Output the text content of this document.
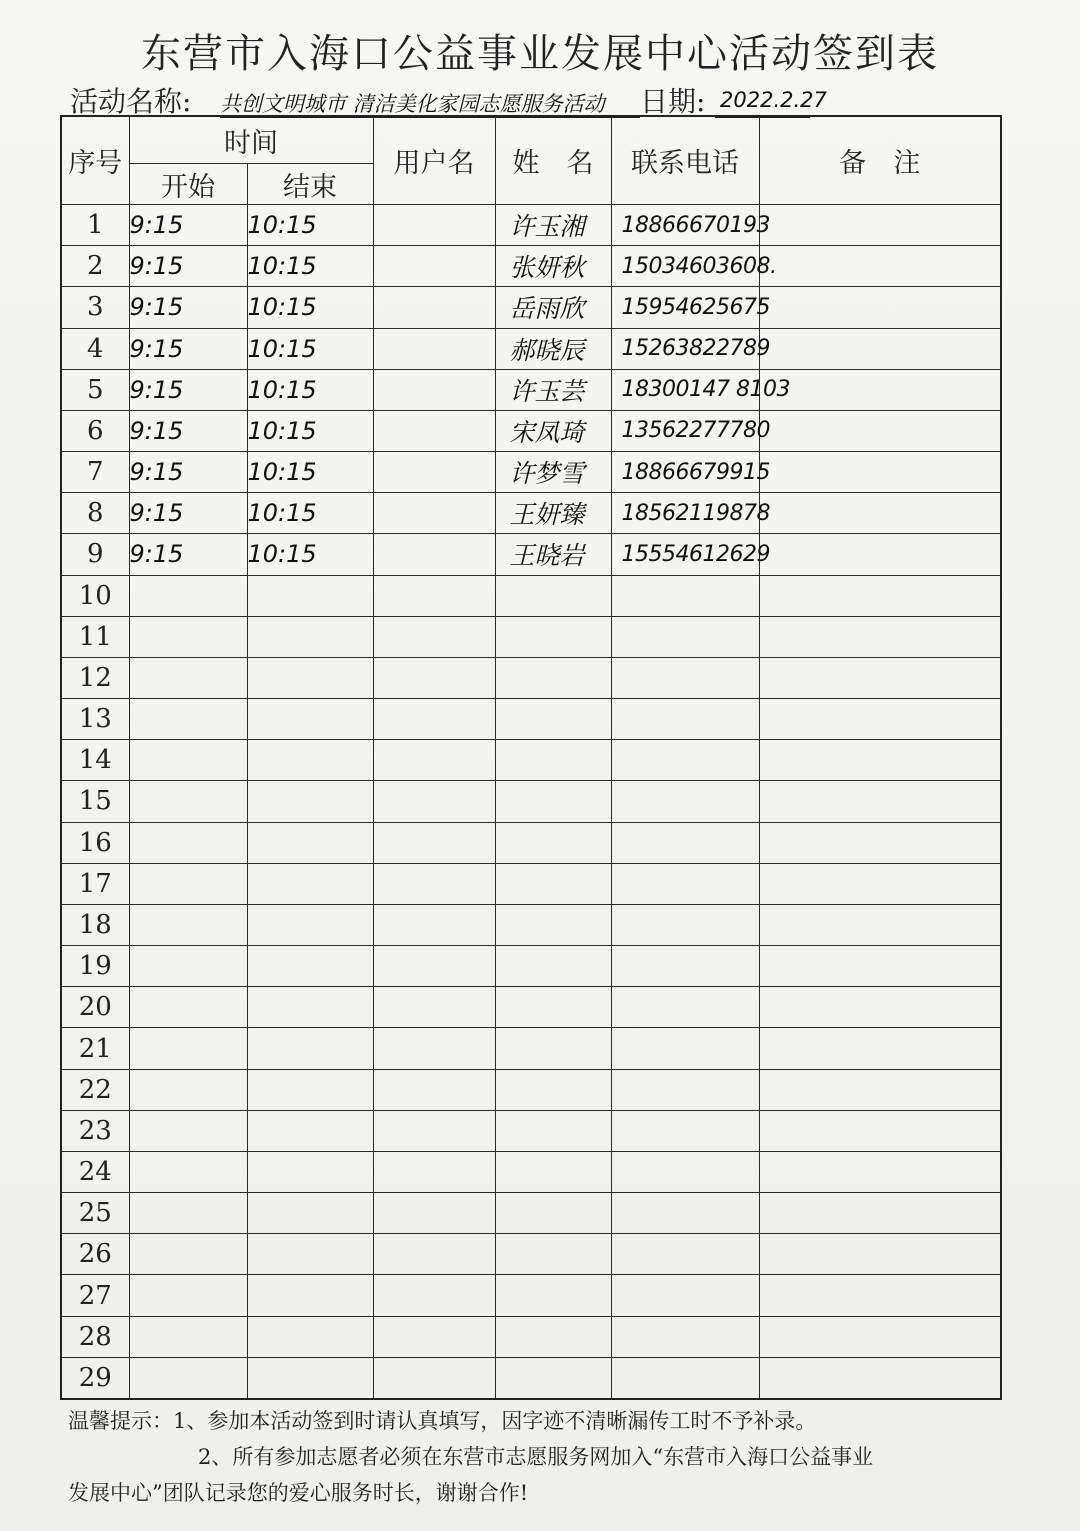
东营市入海口公益事业发展中心活动签到表
活动名称: 共创文明城市 清洁美化家园志愿服务活动 日期: 2022.2.27
序号	时间		用户名	姓　名	联系电话	备　注
	开始	结束				
1	9:15	10:15		许玉湘	18866670193	
2	9:15	10:15		张妍秋	15034603608.	
3	9:15	10:15		岳雨欣	15954625675	
4	9:15	10:15		郝晓辰	15263822789	
5	9:15	10:15		许玉芸	18300147 8103	
6	9:15	10:15		宋凤琦	13562277780	
7	9:15	10:15		许梦雪	18866679915	
8	9:15	10:15		王妍臻	18562119878	
9	9:15	10:15		王晓岩	15554612629	
10						
11						
12						
13						
14						
15						
16						
17						
18						
19						
20						
21						
22						
23						
24						
25						
26						
27						
28						
29						
温馨提示：1、参加本活动签到时请认真填写，因字迹不清晰漏传工时不予补录。
2、所有参加志愿者必须在东营市志愿服务网加入“东营市入海口公益事业
发展中心”团队记录您的爱心服务时长，谢谢合作!
